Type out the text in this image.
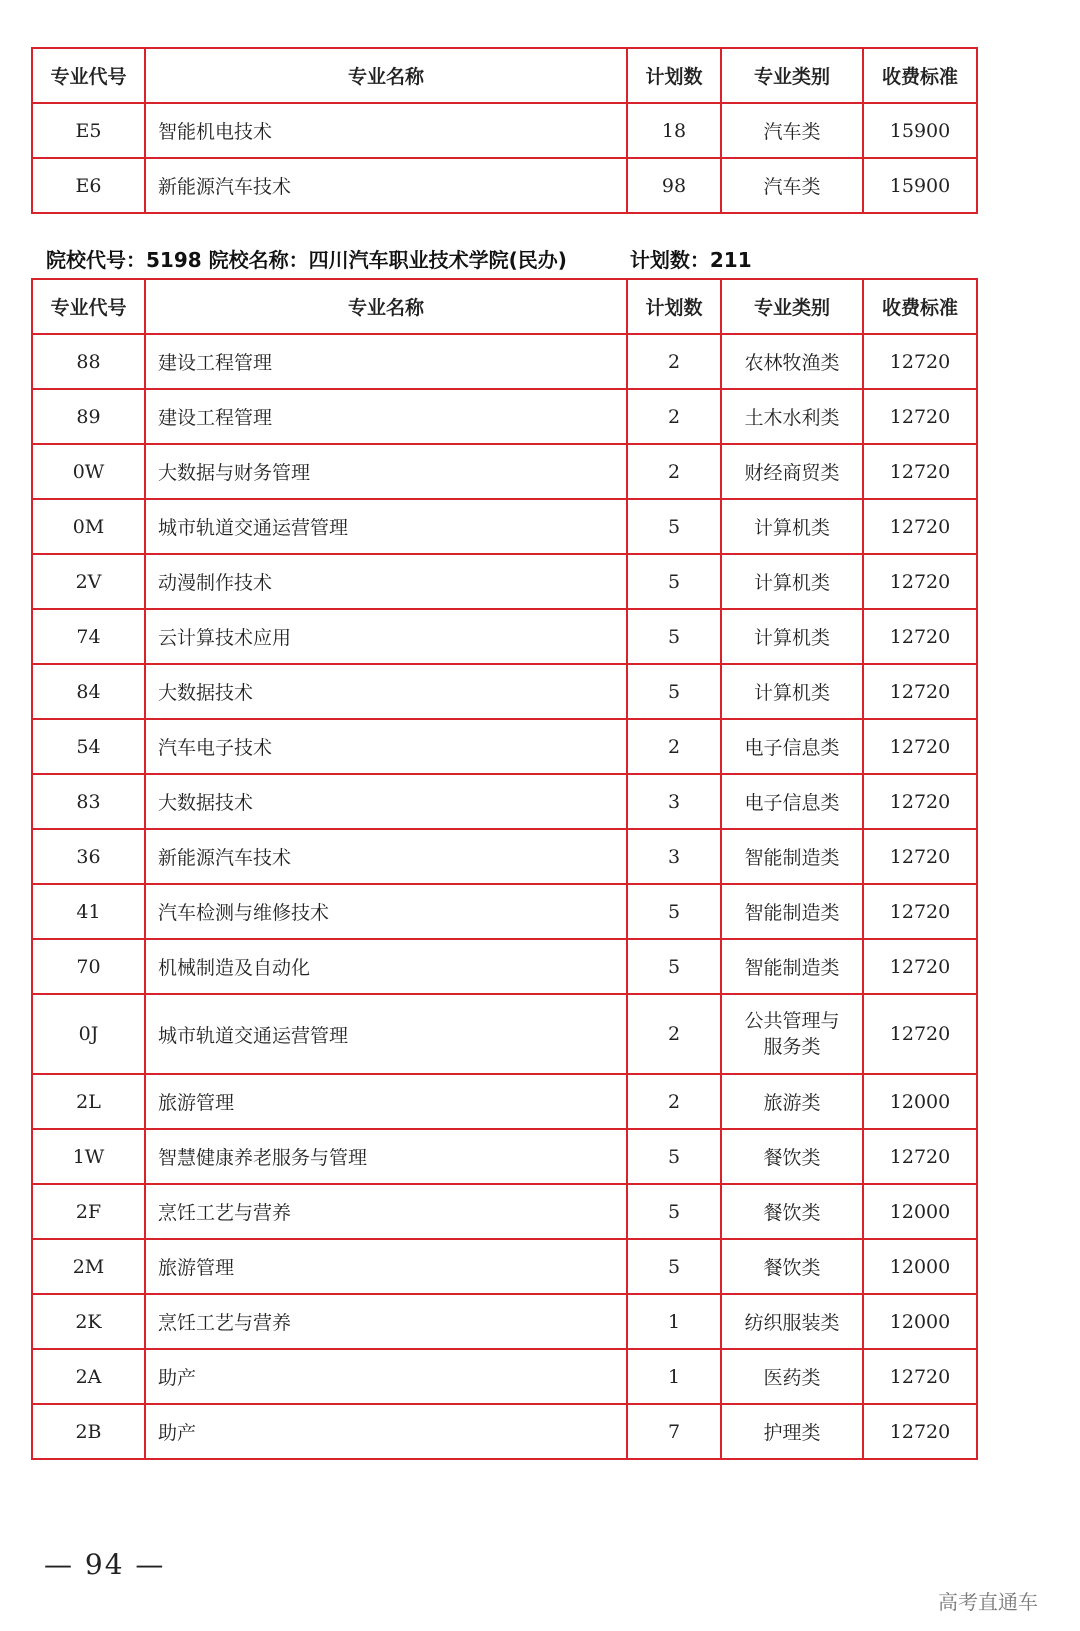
专业代号	专业名称	计划数	专业类别	收费标准
E5	智能机电技术	18	汽车类	15900
E6	新能源汽车技术	98	汽车类	15900
院校代号：5198 院校名称：四川汽车职业技术学院(民办)	计划数：211
专业代号	专业名称	计划数	专业类别	收费标准
88	建设工程管理	2	农林牧渔类	12720
89	建设工程管理	2	土木水利类	12720
0W	大数据与财务管理	2	财经商贸类	12720
0M	城市轨道交通运营管理	5	计算机类	12720
2V	动漫制作技术	5	计算机类	12720
74	云计算技术应用	5	计算机类	12720
84	大数据技术	5	计算机类	12720
54	汽车电子技术	2	电子信息类	12720
83	大数据技术	3	电子信息类	12720
36	新能源汽车技术	3	智能制造类	12720
41	汽车检测与维修技术	5	智能制造类	12720
70	机械制造及自动化	5	智能制造类	12720
0J	城市轨道交通运营管理	2	公共管理与服务类	12720
2L	旅游管理	2	旅游类	12000
1W	智慧健康养老服务与管理	5	餐饮类	12720
2F	烹饪工艺与营养	5	餐饮类	12000
2M	旅游管理	5	餐饮类	12000
2K	烹饪工艺与营养	1	纺织服装类	12000
2A	助产	1	医药类	12720
2B	助产	7	护理类	12720
— 94 —
高考直通车
